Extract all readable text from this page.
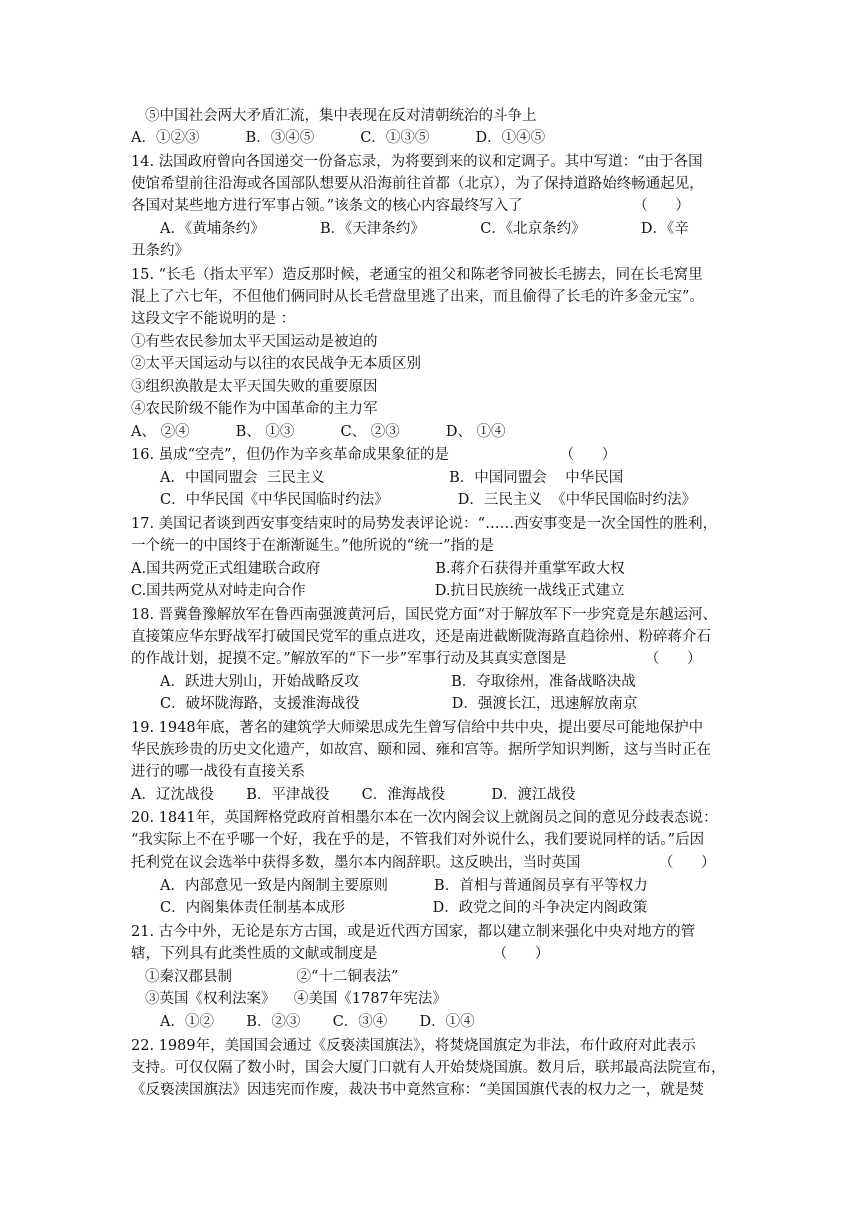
⑤中国社会两大矛盾汇流，集中表现在反对清朝统治的斗争上
A．①②③          B．③④⑤          C．①③⑤          D．①④⑤
14. 法国政府曾向各国递交一份备忘录，为将要到来的议和定调子。其中写道：“由于各国
使馆希望前往沿海或各国部队想要从沿海前往首都（北京），为了保持道路始终畅通起见，
各国对某些地方进行军事占领。”该条文的核心内容最终写入了                        （      ）
A．《黄埔条约》            B．《天津条约》            C．《北京条约》            D．《辛
丑条约》
15. “长毛（指太平军）造反那时候，老通宝的祖父和陈老爷同被长毛掳去，同在长毛窝里
混上了六七年，不但他们俩同时从长毛营盘里逃了出来，而且偷得了长毛的许多金元宝”。
这段文字不能说明的是 ：
①有些农民参加太平天国运动是被迫的
②太平天国运动与以往的农民战争无本质区别
③组织涣散是太平天国失败的重要原因
④农民阶级不能作为中国革命的主力军
A、 ②④          B、 ①③          C、 ②③          D、 ①④
16. 虽成“空壳”，但仍作为辛亥革命成果象征的是                        （      ）
A．中国同盟会  三民主义                           B．中国同盟会    中华民国
C．中华民国《中华民国临时约法》               D．三民主义  《中华民国临时约法》
17. 美国记者谈到西安事变结束时的局势发表评论说：“……西安事变是一次全国性的胜利，
一个统一的中国终于在渐渐诞生。”他所说的“统一”指的是
A.国共两党正式组建联合政府                         B.蒋介石获得并重掌军政大权
C.国共两党从对峙走向合作                            D.抗日民族统一战线正式建立
18. 晋冀鲁豫解放军在鲁西南强渡黄河后，国民党方面“对于解放军下一步究竟是东越运河、
直接策应华东野战军打破国民党军的重点进攻，还是南进截断陇海路直趋徐州、粉碎蒋介石
的作战计划，捉摸不定。”解放军的“下一步”军事行动及其真实意图是                 （      ）
A．跃进大别山，开始战略反攻                    B．夺取徐州，准备战略决战
C．破坏陇海路，支援淮海战役                    D．强渡长江，迅速解放南京
19. 1948年底，著名的建筑学大师梁思成先生曾写信给中共中央，提出要尽可能地保护中
华民族珍贵的历史文化遗产，如故宫、颐和园、雍和宫等。据所学知识判断，这与当时正在
进行的哪一战役有直接关系
A．辽沈战役       B．平津战役       C．淮海战役          D．渡江战役
20. 1841年，英国辉格党政府首相墨尔本在一次内阁会议上就阁员之间的意见分歧表态说：
“我实际上不在乎哪一个好，我在乎的是，不管我们对外说什么，我们要说同样的话。”后因
托利党在议会选举中获得多数，墨尔本内阁辞职。这反映出，当时英国                 （      ）
A．内部意见一致是内阁制主要原则          B．首相与普通阁员享有平等权力
C．内阁集体责任制基本成形                   D．政党之间的斗争决定内阁政策
21. 古今中外，无论是东方古国，或是近代西方国家，都以建立制来强化中央对地方的管
辖，下列具有此类性质的文献或制度是                         （      ）
①秦汉郡县制              ②“十二铜表法”
③英国《权利法案》    ④美国《1787年宪法》
A．①②       B．②③       C．③④       D．①④
22. 1989年，美国国会通过《反亵渎国旗法》，将焚烧国旗定为非法，布什政府对此表示
支持。可仅仅隔了数小时，国会大厦门口就有人开始焚烧国旗。数月后，联邦最高法院宣布，
《反亵渎国旗法》因违宪而作废，裁决书中竟然宣称：“美国国旗代表的权力之一，就是焚
